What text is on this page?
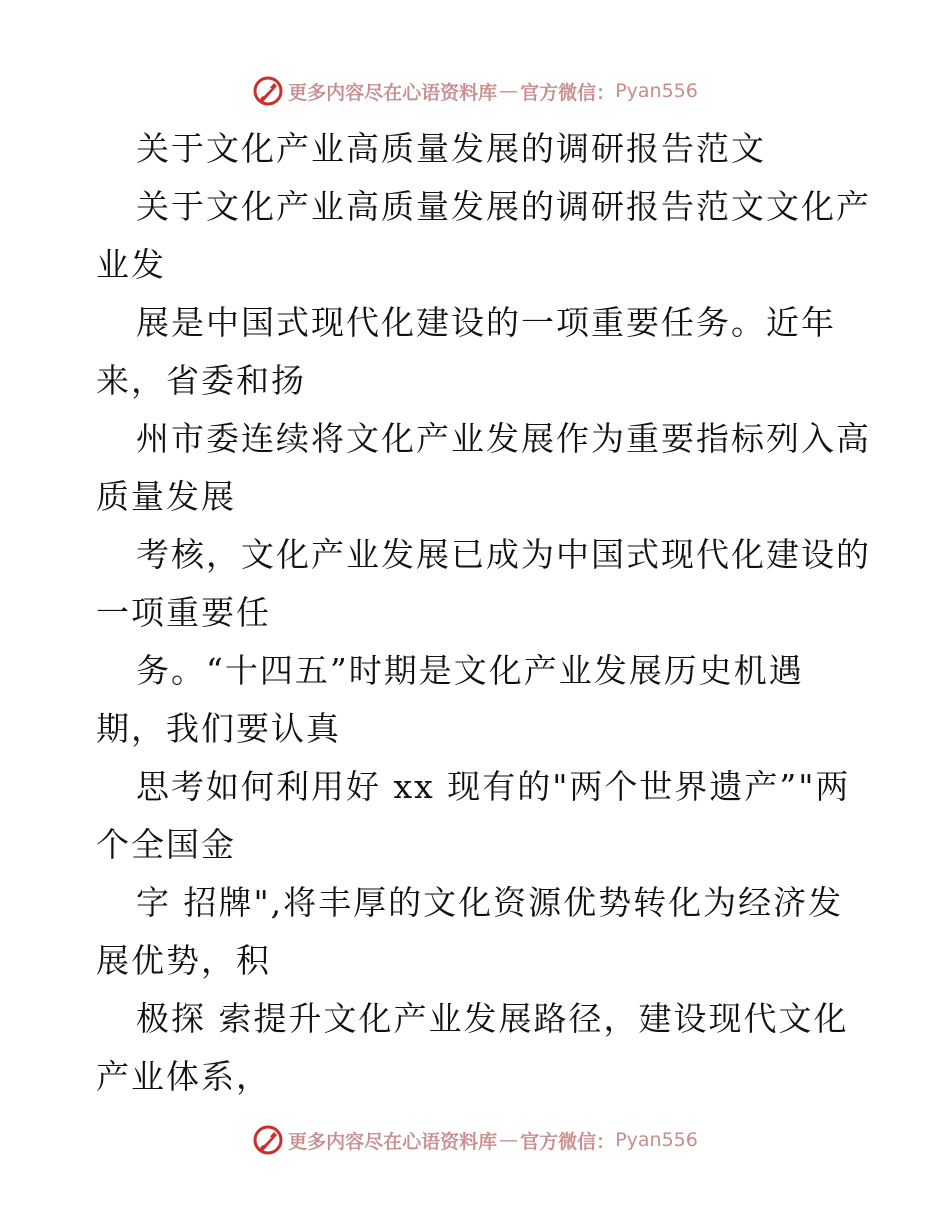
更多内容尽在心语资料库 — 官方微信： Pyan556
关于文化产业高质量发展的调研报告范文
关于文化产业高质量发展的调研报告范文文化产
业发
展是中国式现代化建设的一项重要任务。近年
来，省委和扬
州市委连续将文化产业发展作为重要指标列入高
质量发展
考核，文化产业发展已成为中国式现代化建设的
一项重要任
务。“十四五”时期是文化产业发展历史机遇
期，我们要认真
思考如何利用好 xx 现有的"两个世界遗产”"两
个全国金
字 招牌",将丰厚的文化资源优势转化为经济发
展优势，积
极探 索提升文化产业发展路径，建设现代文化
产业体系，
更多内容尽在心语资料库 — 官方微信： Pyan556
